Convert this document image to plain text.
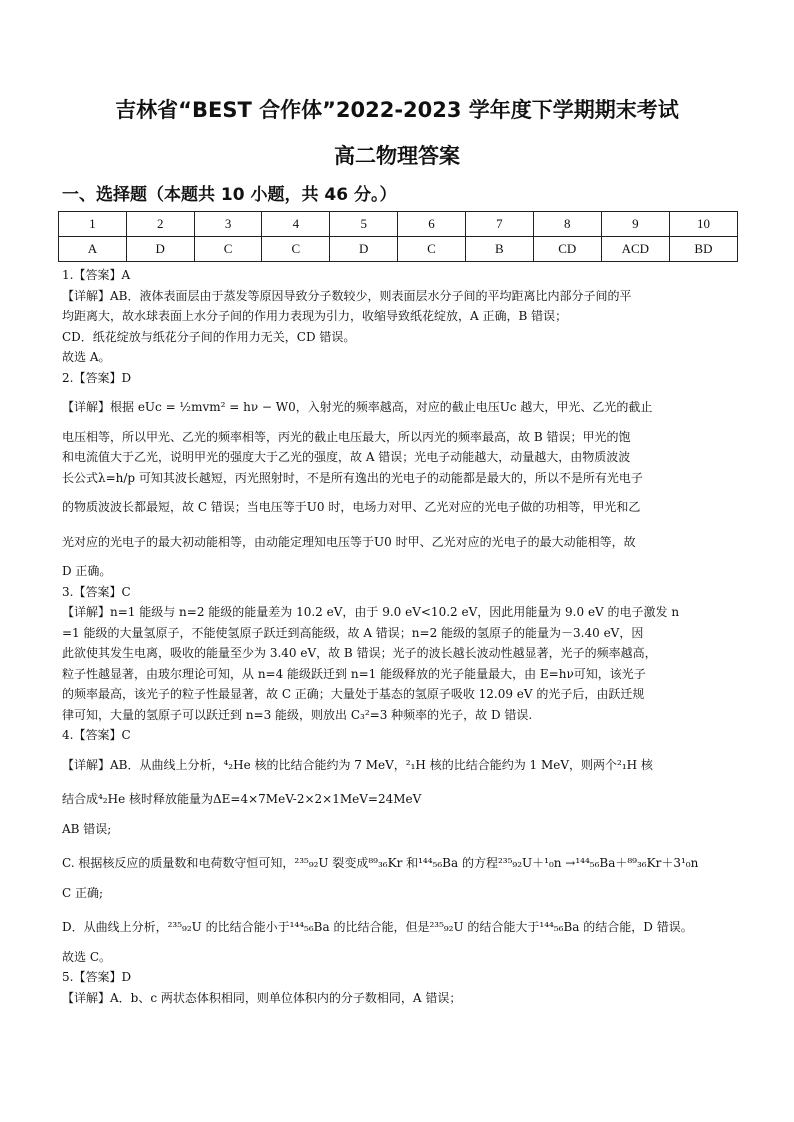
吉林省“BEST 合作体”2022-2023 学年度下学期期末考试
高二物理答案
一、选择题（本题共 10 小题，共 46 分。）
1	2	3	4	5	6	7	8	9	10
A	D	C	C	D	C	B	CD	ACD	BD

1.【答案】A

【详解】AB．液体表面层由于蒸发等原因导致分子数较少，则表面层水分子间的平均距离比内部分子间的平

均距离大，故水球表面上水分子间的作用力表现为引力，收缩导致纸花绽放，A 正确，B 错误；

CD．纸花绽放与纸花分子间的作用力无关，CD 错误。

故选 A。

2.【答案】D

【详解】根据 eUc = ½mvm² = hν − W0，入射光的频率越高，对应的截止电压Uc 越大，甲光、乙光的截止

电压相等，所以甲光、乙光的频率相等，丙光的截止电压最大，所以丙光的频率最高，故 B 错误；甲光的饱

和电流值大于乙光，说明甲光的强度大于乙光的强度，故 A 错误；光电子动能越大，动量越大，由物质波波

长公式λ=h/p 可知其波长越短，丙光照射时，不是所有逸出的光电子的动能都是最大的，所以不是所有光电子

的物质波波长都最短，故 C 错误；当电压等于U0 时，电场力对甲、乙光对应的光电子做的功相等，甲光和乙

光对应的光电子的最大初动能相等，由动能定理知电压等于U0 时甲、乙光对应的光电子的最大动能相等，故

D 正确。

3.【答案】C

【详解】n=1 能级与 n=2 能级的能量差为 10.2 eV，由于 9.0 eV<10.2 eV，因此用能量为 9.0 eV 的电子激发 n

=1 能级的大量氢原子，不能使氢原子跃迁到高能级，故 A 错误；n=2 能级的氢原子的能量为－3.40 eV，因

此欲使其发生电离，吸收的能量至少为 3.40 eV，故 B 错误；光子的波长越长波动性越显著，光子的频率越高，

粒子性越显著，由玻尔理论可知，从 n=4 能级跃迁到 n=1 能级释放的光子能量最大，由 E=hν可知，该光子

的频率最高，该光子的粒子性最显著，故 C 正确；大量处于基态的氢原子吸收 12.09 eV 的光子后，由跃迁规

律可知，大量的氢原子可以跃迁到 n=3 能级，则放出 C₃²=3 种频率的光子，故 D 错误.

4.【答案】C

【详解】AB．从曲线上分析，⁴₂He 核的比结合能约为 7 MeV，²₁H 核的比结合能约为 1 MeV，则两个²₁H 核

结合成⁴₂He 核时释放能量为ΔE=4×7MeV-2×2×1MeV=24MeV

AB 错误;

C. 根据核反应的质量数和电荷数守恒可知，²³⁵₉₂U 裂变成⁸⁹₃₆Kr 和¹⁴⁴₅₆Ba 的方程²³⁵₉₂U＋¹₀n →¹⁴⁴₅₆Ba＋⁸⁹₃₆Kr＋3¹₀n

C 正确;

D．从曲线上分析，²³⁵₉₂U 的比结合能小于¹⁴⁴₅₆Ba 的比结合能，但是²³⁵₉₂U 的结合能大于¹⁴⁴₅₆Ba 的结合能，D 错误。

故选 C。

5.【答案】D

【详解】A．b、c 两状态体积相同，则单位体积内的分子数相同，A 错误；
